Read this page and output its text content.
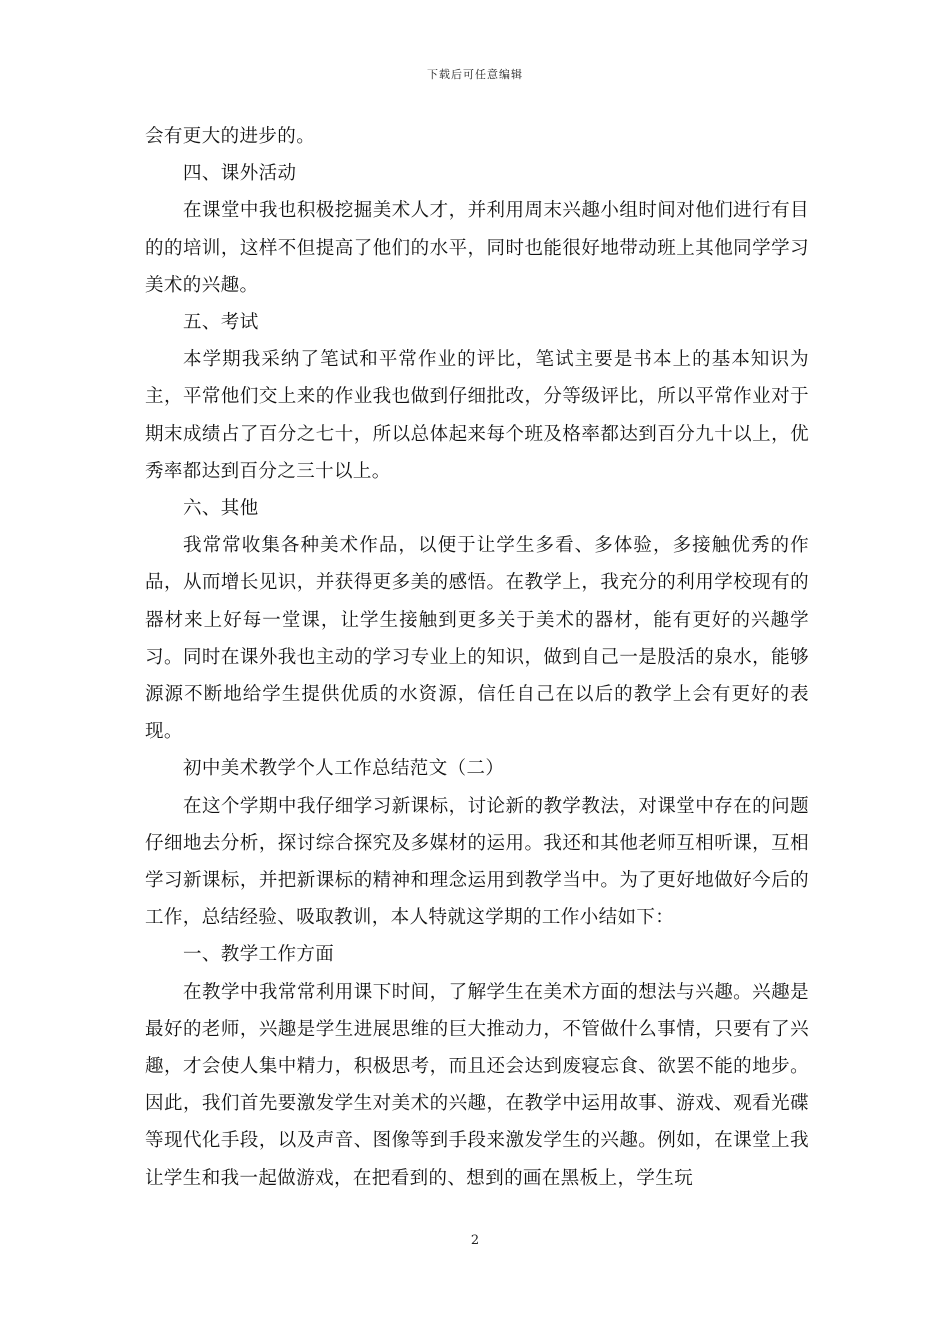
下载后可任意编辑

会有更大的进步的。

四、课外活动

在课堂中我也积极挖掘美术人才，并利用周末兴趣小组时间对他们进行有目的的培训，这样不但提高了他们的水平，同时也能很好地带动班上其他同学学习美术的兴趣。

五、考试

本学期我采纳了笔试和平常作业的评比，笔试主要是书本上的基本知识为主，平常他们交上来的作业我也做到仔细批改，分等级评比，所以平常作业对于期末成绩占了百分之七十，所以总体起来每个班及格率都达到百分九十以上，优秀率都达到百分之三十以上。

六、其他

我常常收集各种美术作品，以便于让学生多看、多体验，多接触优秀的作品，从而增长见识，并获得更多美的感悟。在教学上，我充分的利用学校现有的器材来上好每一堂课，让学生接触到更多关于美术的器材，能有更好的兴趣学习。同时在课外我也主动的学习专业上的知识，做到自己一是股活的泉水，能够源源不断地给学生提供优质的水资源，信任自己在以后的教学上会有更好的表现。

初中美术教学个人工作总结范文（二）

在这个学期中我仔细学习新课标，讨论新的教学教法，对课堂中存在的问题仔细地去分析，探讨综合探究及多媒材的运用。我还和其他老师互相听课，互相学习新课标，并把新课标的精神和理念运用到教学当中。为了更好地做好今后的工作，总结经验、吸取教训，本人特就这学期的工作小结如下：

一、教学工作方面

在教学中我常常利用课下时间，了解学生在美术方面的想法与兴趣。兴趣是最好的老师，兴趣是学生进展思维的巨大推动力，不管做什么事情，只要有了兴趣，才会使人集中精力，积极思考，而且还会达到废寝忘食、欲罢不能的地步。因此，我们首先要激发学生对美术的兴趣，在教学中运用故事、游戏、观看光碟等现代化手段，以及声音、图像等到手段来激发学生的兴趣。例如，在课堂上我让学生和我一起做游戏，在把看到的、想到的画在黑板上，学生玩

2
